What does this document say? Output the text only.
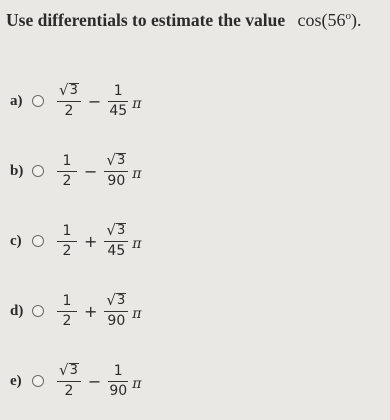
Use differentials to estimate the value cos(56$^o$).
$a) \frac{√ 3}{2} - \frac{1}{45}$ π
$b) \frac{1}{2} - \frac{√ 3}{90}$ π
c)	$\frac{1}{2} + \frac{√ 3}{45}$ π
$d) \frac{1}{2} + \frac{√ 3}{90}$ π
$e) \frac{√ 3}{2} - \frac{1}{90}$ π
